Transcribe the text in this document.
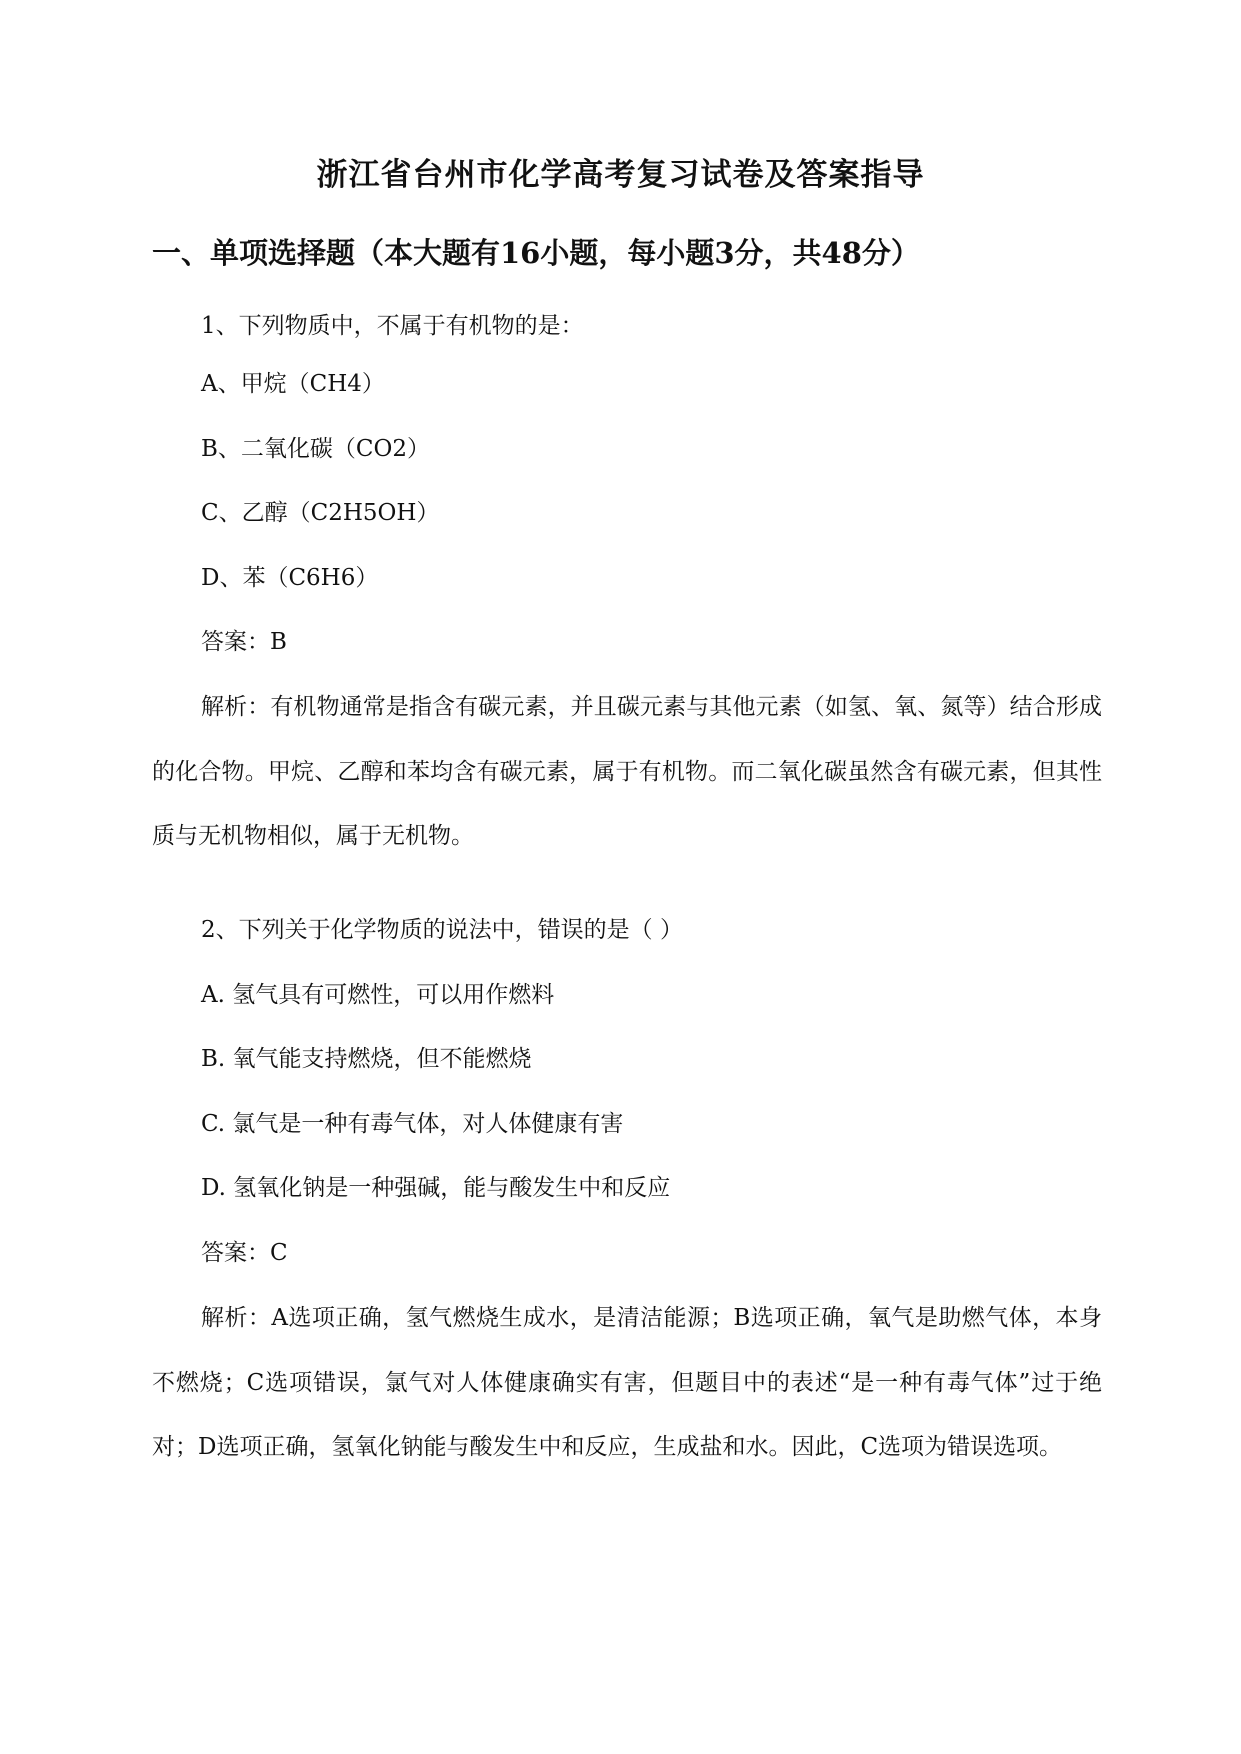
浙江省台州市化学高考复习试卷及答案指导
一、单项选择题（本大题有16小题，每小题3分，共48分）
1、下列物质中，不属于有机物的是：
A、甲烷（CH4）
B、二氧化碳（CO2）
C、乙醇（C2H5OH）
D、苯（C6H6）
答案：B

解析：有机物通常是指含有碳元素，并且碳元素与其他元素（如氢、氧、氮等）结合形成的化合物。甲烷、乙醇和苯均含有碳元素，属于有机物。而二氧化碳虽然含有碳元素，但其性质与无机物相似，属于无机物。

2、下列关于化学物质的说法中，错误的是（ ）
A. 氢气具有可燃性，可以用作燃料
B. 氧气能支持燃烧，但不能燃烧
C. 氯气是一种有毒气体，对人体健康有害
D. 氢氧化钠是一种强碱，能与酸发生中和反应
答案：C

解析：A选项正确，氢气燃烧生成水，是清洁能源；B选项正确，氧气是助燃气体，本身不燃烧；C选项错误，氯气对人体健康确实有害，但题目中的表述“是一种有毒气体”过于绝对；D选项正确，氢氧化钠能与酸发生中和反应，生成盐和水。因此，C选项为错误选项。
